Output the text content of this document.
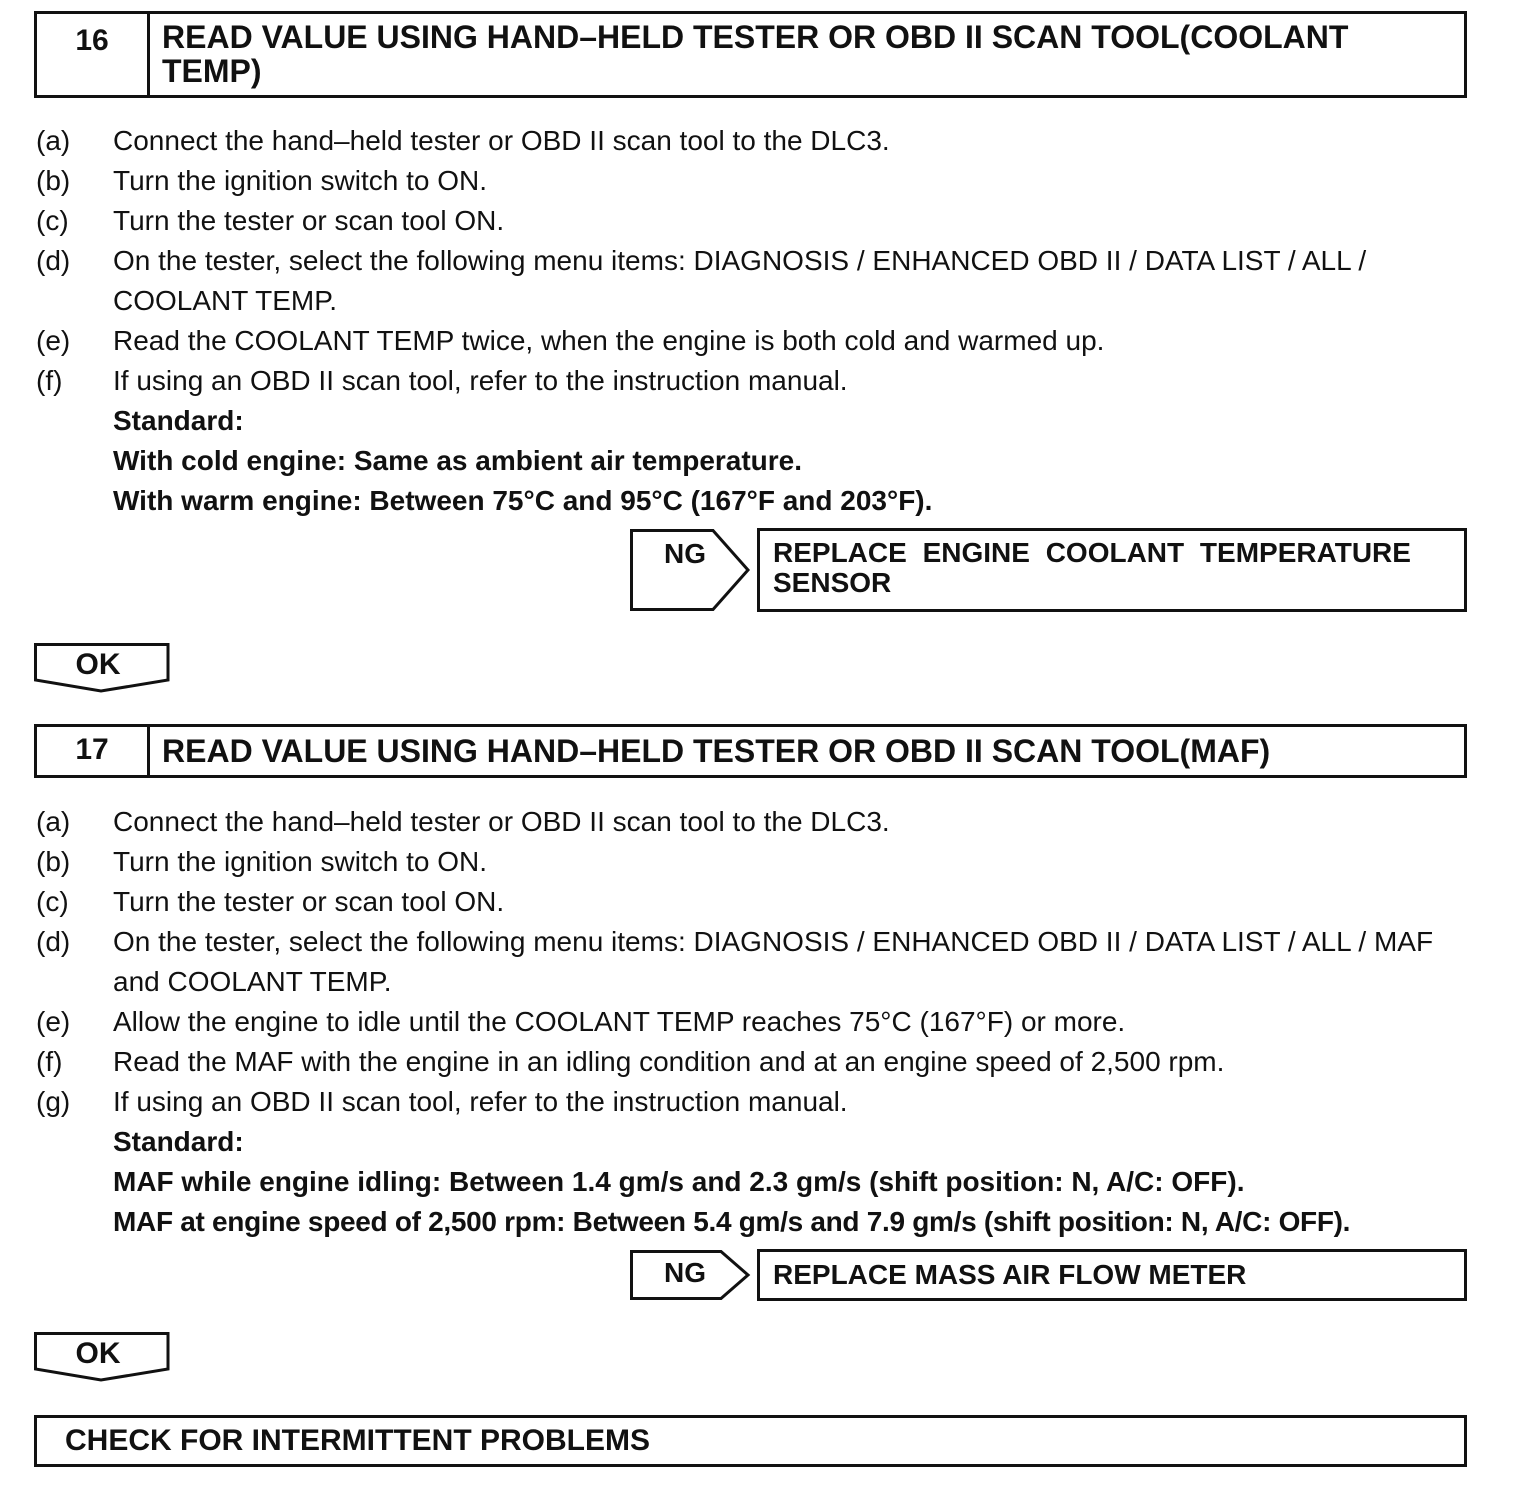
16	READ VALUE USING HAND–HELD TESTER OR OBD II SCAN TOOL(COOLANT TEMP)
(a)	Connect the hand–held tester or OBD II scan tool to the DLC3.
(b)	Turn the ignition switch to ON.
(c)	Turn the tester or scan tool ON.
(d)	On the tester, select the following menu items: DIAGNOSIS / ENHANCED OBD II / DATA LIST / ALL / COOLANT TEMP.
(e)	Read the COOLANT TEMP twice, when the engine is both cold and warmed up.
(f)	If using an OBD II scan tool, refer to the instruction manual.
Standard:
With cold engine: Same as ambient air temperature.
With warm engine: Between 75°C and 95°C (167°F and 203°F).
NG	REPLACE ENGINE COOLANT TEMPERATURE SENSOR
OK
17	READ VALUE USING HAND–HELD TESTER OR OBD II SCAN TOOL(MAF)
(a)	Connect the hand–held tester or OBD II scan tool to the DLC3.
(b)	Turn the ignition switch to ON.
(c)	Turn the tester or scan tool ON.
(d)	On the tester, select the following menu items: DIAGNOSIS / ENHANCED OBD II / DATA LIST / ALL / MAF and COOLANT TEMP.
(e)	Allow the engine to idle until the COOLANT TEMP reaches 75°C (167°F) or more.
(f)	Read the MAF with the engine in an idling condition and at an engine speed of 2,500 rpm.
(g)	If using an OBD II scan tool, refer to the instruction manual.
Standard:
MAF while engine idling: Between 1.4 gm/s and 2.3 gm/s (shift position: N, A/C: OFF).
MAF at engine speed of 2,500 rpm: Between 5.4 gm/s and 7.9 gm/s (shift position: N, A/C: OFF).
NG	REPLACE MASS AIR FLOW METER
OK
CHECK FOR INTERMITTENT PROBLEMS
